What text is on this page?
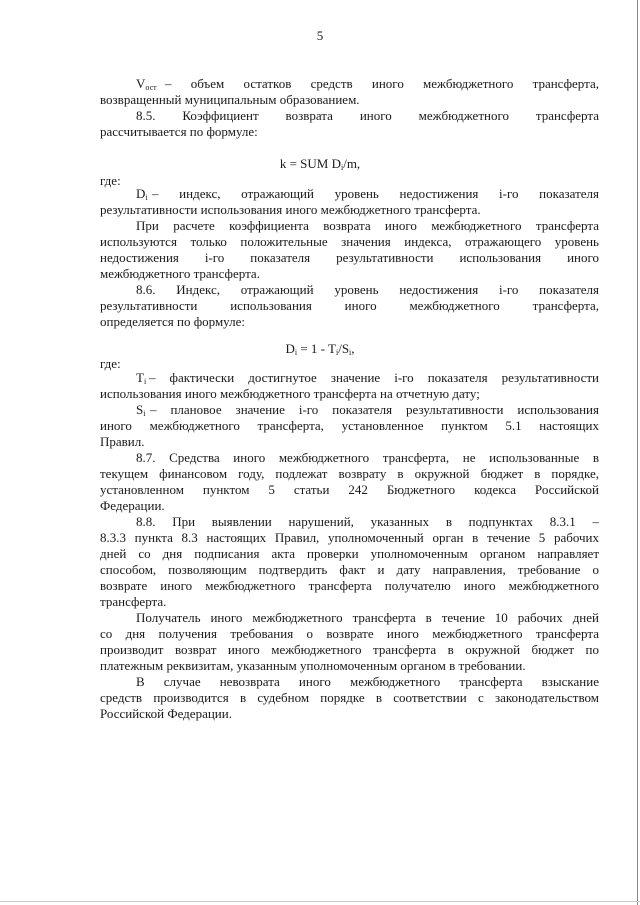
5
$V_{ост}$ – объем остатков средств иного межбюджетного трансферта,
возвращенный муниципальным образованием.
8.5. Коэффициент возврата иного межбюджетного трансферта
рассчитывается по формуле:
k = SUM $D_i/m$,
где:
$D_i$ – индекс, отражающий уровень недостижения i-го показателя
результативности использования иного межбюджетного трансферта.
При расчете коэффициента возврата иного межбюджетного трансферта
используются только положительные значения индекса, отражающего уровень
недостижения i-го показателя результативности использования иного
межбюджетного трансферта.
8.6. Индекс, отражающий уровень недостижения i-го показателя
результативности использования иного межбюджетного трансферта,
определяется по формуле:
$D_i = 1 - T_i/S_i$,
где:
$T_i$ – фактически достигнутое значение i-го показателя результативности
использования иного межбюджетного трансферта на отчетную дату;
$S_i$ – плановое значение i-го показателя результативности использования
иного межбюджетного трансферта, установленное пунктом 5.1 настоящих
Правил.
8.7. Средства иного межбюджетного трансферта, не использованные в
текущем финансовом году, подлежат возврату в окружной бюджет в порядке,
установленном пунктом 5 статьи 242 Бюджетного кодекса Российской
Федерации.
8.8. При выявлении нарушений, указанных в подпунктах 8.3.1 –
8.3.3 пункта 8.3 настоящих Правил, уполномоченный орган в течение 5 рабочих
дней со дня подписания акта проверки уполномоченным органом направляет
способом, позволяющим подтвердить факт и дату направления, требование о
возврате иного межбюджетного трансферта получателю иного межбюджетного
трансферта.
Получатель иного межбюджетного трансферта в течение 10 рабочих дней
со дня получения требования о возврате иного межбюджетного трансферта
производит возврат иного межбюджетного трансферта в окружной бюджет по
платежным реквизитам, указанным уполномоченным органом в требовании.
В случае невозврата иного межбюджетного трансферта взыскание
средств производится в судебном порядке в соответствии с законодательством
Российской Федерации.
